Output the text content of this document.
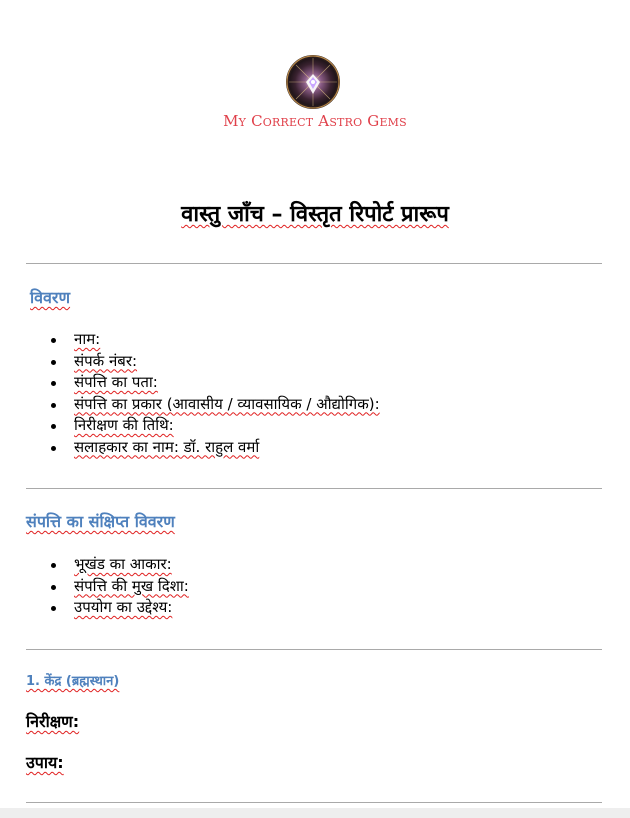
My Correct Astro Gems
वास्तु जाँच – विस्तृत रिपोर्ट प्रारूप
विवरण
नाम:
संपर्क नंबर:
संपत्ति का पता:
संपत्ति का प्रकार (आवासीय / व्यावसायिक / औद्योगिक):
निरीक्षण की तिथि:
सलाहकार का नाम: डॉ. राहुल वर्मा
संपत्ति का संक्षिप्त विवरण
भूखंड का आकार:
संपत्ति की मुख दिशा:
उपयोग का उद्देश्य:
1. केंद्र (ब्रह्मस्थान)
निरीक्षण:
उपाय:
